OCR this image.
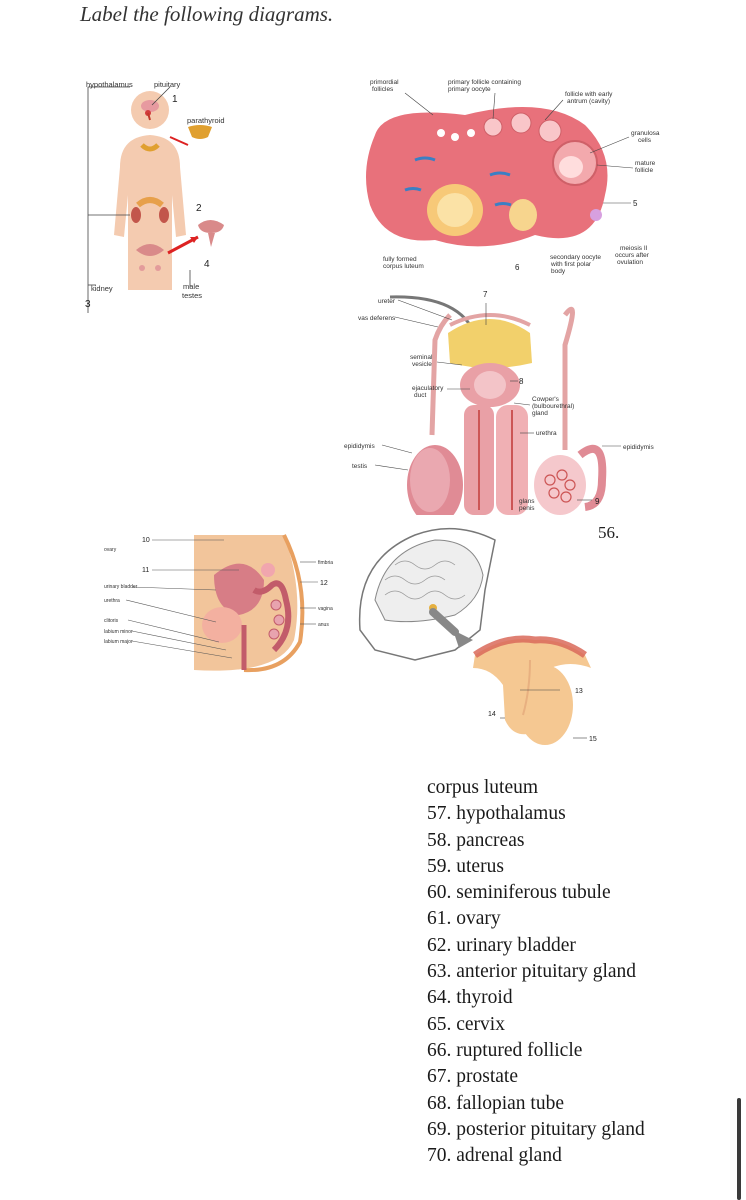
Label the following diagrams.
hypothalamus	pituitary
parathyroid
kidney	male
testes
1
2
3
4
primordial
follicles
primary follicle containing
primary oocyte
follicle with early
antrum (cavity)
granulosa
cells
mature
follicle
meiosis II
occurs after
ovulation
secondary oocyte
with first polar
body
fully formed
corpus luteum
5
6
ureter
vas deferens
seminal
vesicle
ejaculatory
duct
Cowper's
(bulbourethral)
gland
urethra
epididymis
testis
epididymis
glans
penis
7
8
9
56.
ovary
urinary bladder
urethra
clitoris
labium minor
labium major
fimbria
vagina
anus
10
11
12
13
14
15
corpus luteum
57. hypothalamus
58. pancreas
59. uterus
60. seminiferous tubule
61. ovary
62. urinary bladder
63. anterior pituitary gland
64. thyroid
65. cervix
66. ruptured follicle
67. prostate
68. fallopian tube
69. posterior pituitary gland
70. adrenal gland
